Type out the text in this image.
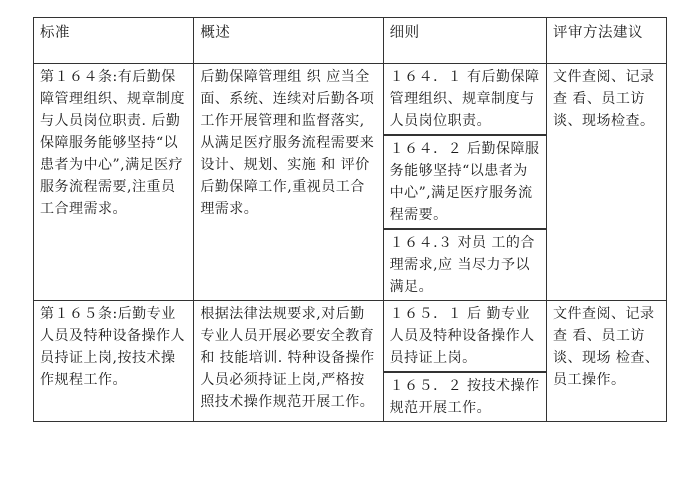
标准	概述	细则	评审方法建议
第１６４条:有后勤保障管理组织、规章制度与人员岗位职责. 后勤保障服务能够坚持“以患者为中心”,满足医疗服务流程需要,注重员工合理需求。	后勤保障管理组 织 应当全面、系统、连续对后勤各项工作开展管理和监督落实,从满足医疗服务流程需要来设计、规划、实施 和 评价后勤保障工作,重视员工合理需求。	１６４．１ 有后勤保障管理组织、规章制度与人员岗位职责。	文件查阅、记录查 看、员工访谈、现场检查。
		１６４．２ 后勤保障服务能够坚持“以患者为中心”,满足医疗服务流程需要。	
		１６４.３ 对员 工的合理需求,应 当尽力予以满足。	
第１６５条:后勤专业人员及特种设备操作人员持证上岗,按技术操作规程工作。	根据法律法规要求,对后勤专业人员开展必要安全教育和 技能培训. 特种设备操作人员必须持证上岗,严格按照技术操作规范开展工作。	１６５．１ 后 勤专业人员及特种设备操作人员持证上岗。	文件查阅、记录查 看、员工访谈、现场 检查、员工操作。
		１６５．２ 按技术操作规范开展工作。	
